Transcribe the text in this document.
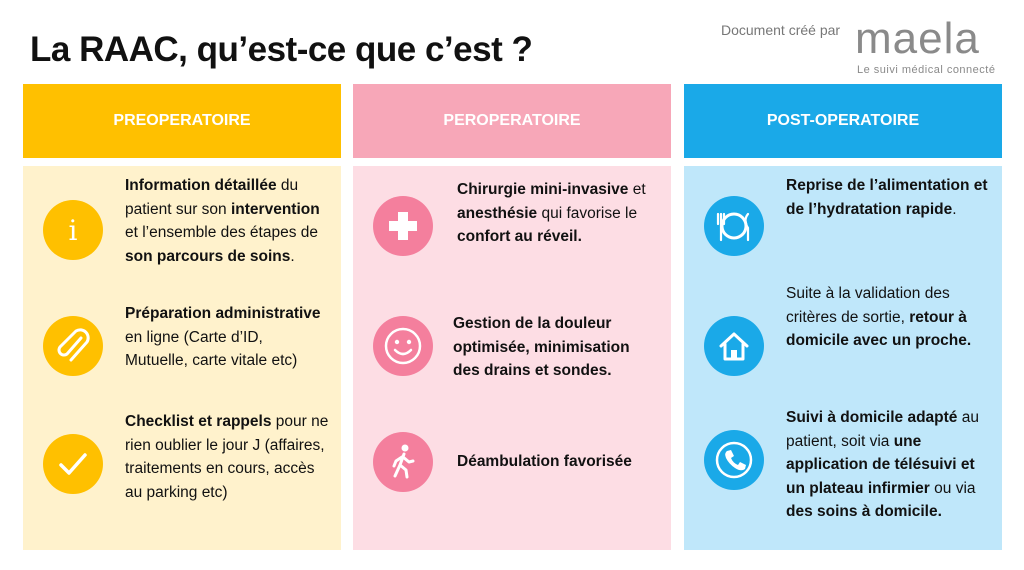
La RAAC, qu’est-ce que c’est ?	Document créé par maela
Le suivi médical connecté
PREOPERATOIRE
i
Information détaillée du patient sur son intervention et l’ensemble des étapes de son parcours de soins.
Préparation administrative en ligne (Carte d’ID, Mutuelle, carte vitale etc)
Checklist et rappels pour ne rien oublier le jour J (affaires, traitements en cours, accès au parking etc)
PEROPERATOIRE
Chirurgie mini-invasive et anesthésie qui favorise le confort au réveil.
Gestion de la douleur optimisée, minimisation des drains et sondes.
Déambulation favorisée
POST-OPERATOIRE
Reprise de l’alimentation et de l’hydratation rapide.
Suite à la validation des critères de sortie, retour à domicile avec un proche.
Suivi à domicile adapté au patient, soit via une application de télésuivi et un plateau infirmier ou via des soins à domicile.
